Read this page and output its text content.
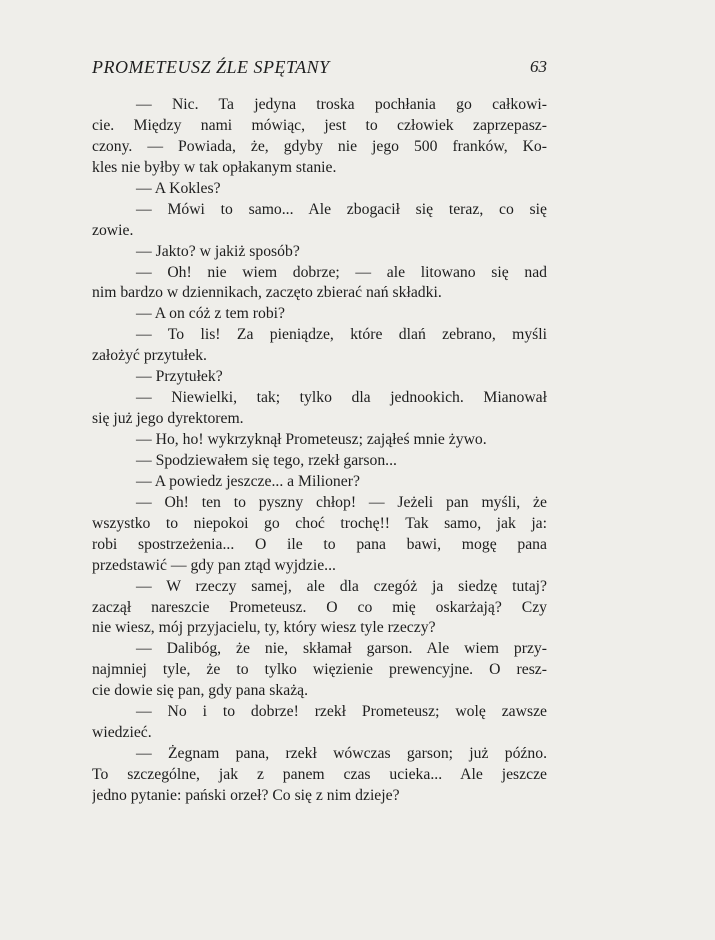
PROMETEUSZ ŹLE SPĘTANY	63
— Nic. Ta jedyna troska pochłania go całkowi-
cie. Między nami mówiąc, jest to człowiek zaprzepasz-
czony. — Powiada, że, gdyby nie jego 500 franków, Ko-
kles nie byłby w tak opłakanym stanie.
— A Kokles?
— Mówi to samo... Ale zbogacił się teraz, co się
zowie.
— Jakto? w jakiż sposób?
— Oh! nie wiem dobrze; — ale litowano się nad
nim bardzo w dziennikach, zaczęto zbierać nań składki.
— A on cóż z tem robi?
— To lis! Za pieniądze, które dlań zebrano, myśli
założyć przytułek.
— Przytułek?
— Niewielki, tak; tylko dla jednookich. Mianował
się już jego dyrektorem.
— Ho, ho! wykrzyknął Prometeusz; zająłeś mnie żywo.
— Spodziewałem się tego, rzekł garson...
— A powiedz jeszcze... a Milioner?
— Oh! ten to pyszny chłop! — Jeżeli pan myśli, że
wszystko to niepokoi go choć trochę!! Tak samo, jak ja:
robi spostrzeżenia... O ile to pana bawi, mogę pana
przedstawić — gdy pan ztąd wyjdzie...
— W rzeczy samej, ale dla czegóż ja siedzę tutaj?
zaczął nareszcie Prometeusz. O co mię oskarżają? Czy
nie wiesz, mój przyjacielu, ty, który wiesz tyle rzeczy?
— Dalibóg, że nie, skłamał garson. Ale wiem przy-
najmniej tyle, że to tylko więzienie prewencyjne. O resz-
cie dowie się pan, gdy pana skażą.
— No i to dobrze! rzekł Prometeusz; wolę zawsze
wiedzieć.
— Żegnam pana, rzekł wówczas garson; już późno.
To szczególne, jak z panem czas ucieka... Ale jeszcze
jedno pytanie: pański orzeł? Co się z nim dzieje?
